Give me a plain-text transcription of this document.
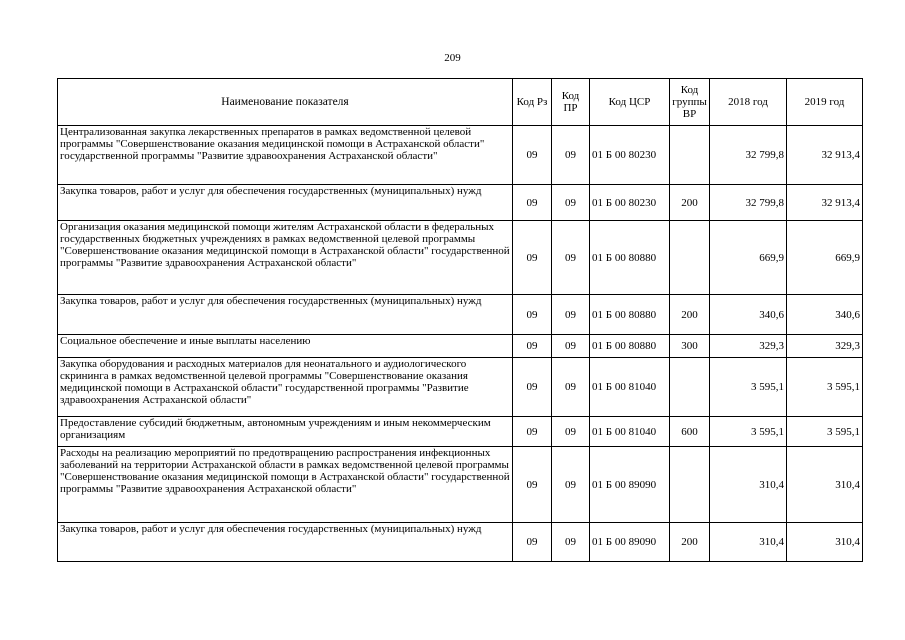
209
Наименование показателя	Код Рз	Код ПР	Код ЦСР	Код группы ВР	2018 год	2019 год
Централизованная закупка лекарственных препаратов в рамках ведомственной целевой программы "Совершенствование оказания медицинской помощи в Астраханской области" государственной программы "Развитие здравоохранения Астраханской области"	09	09	01 Б 00 80230		32 799,8	32 913,4
Закупка товаров, работ и услуг для обеспечения государственных (муниципальных) нужд	09	09	01 Б 00 80230	200	32 799,8	32 913,4
Организация оказания медицинской помощи жителям Астраханской области в федеральных государственных бюджетных учреждениях в рамках ведомственной целевой программы "Совершенствование оказания медицинской помощи в Астраханской области" государственной программы "Развитие здравоохранения Астраханской области"	09	09	01 Б 00 80880		669,9	669,9
Закупка товаров, работ и услуг для обеспечения государственных (муниципальных) нужд	09	09	01 Б 00 80880	200	340,6	340,6
Социальное обеспечение и иные выплаты населению	09	09	01 Б 00 80880	300	329,3	329,3
Закупка оборудования и расходных материалов для неонатального и аудиологического скрининга в рамках ведомственной целевой программы "Совершенствование оказания медицинской помощи в Астраханской области" государственной программы "Развитие здравоохранения Астраханской области"	09	09	01 Б 00 81040		3 595,1	3 595,1
Предоставление субсидий бюджетным, автономным учреждениям и иным некоммерческим организациям	09	09	01 Б 00 81040	600	3 595,1	3 595,1
Расходы на реализацию мероприятий по предотвращению распространения инфекционных заболеваний на территории Астраханской области в рамках ведомственной целевой программы "Совершенствование оказания медицинской помощи в Астраханской области" государственной программы "Развитие здравоохранения Астраханской области"	09	09	01 Б 00 89090		310,4	310,4
Закупка товаров, работ и услуг для обеспечения государственных (муниципальных) нужд	09	09	01 Б 00 89090	200	310,4	310,4
